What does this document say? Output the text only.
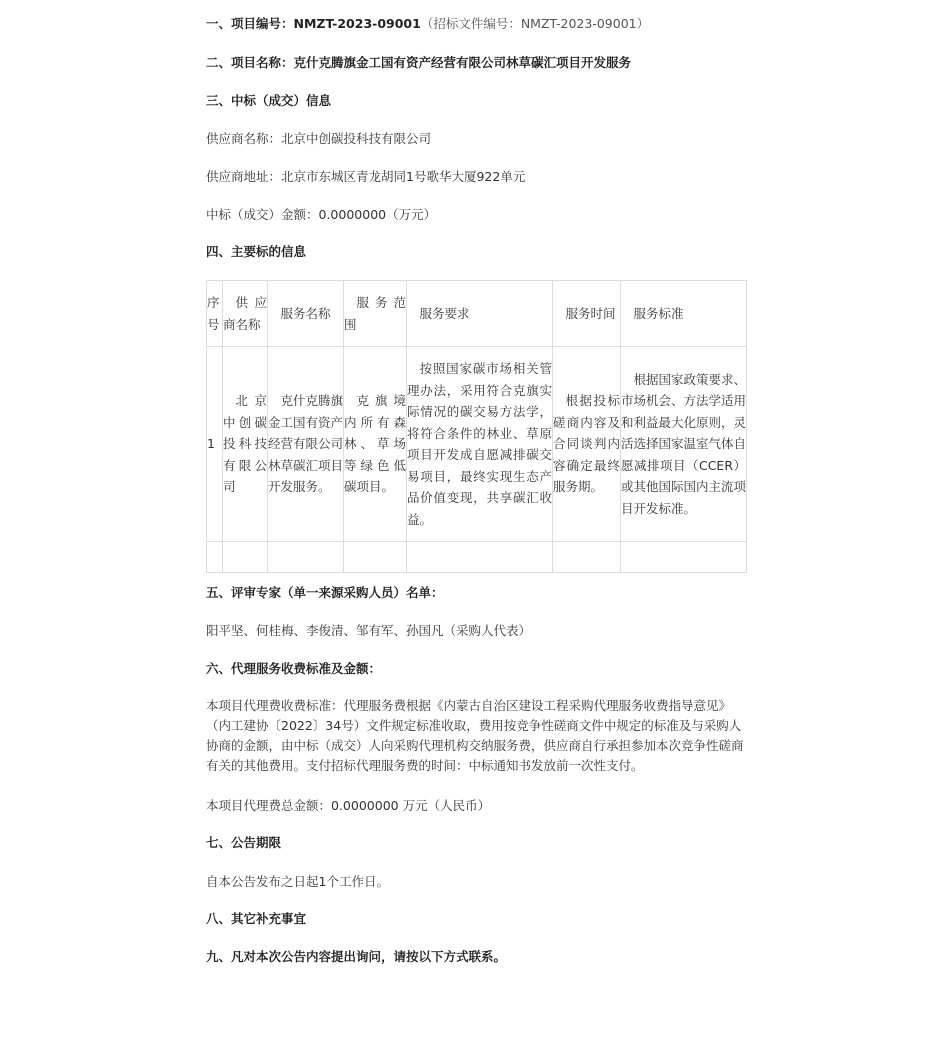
一、项目编号：NMZT-2023-09001（招标文件编号：NMZT-2023-09001）
二、项目名称：克什克腾旗金工国有资产经营有限公司林草碳汇项目开发服务
三、中标（成交）信息
供应商名称：北京中创碳投科技有限公司
供应商地址：北京市东城区青龙胡同1号歌华大厦922单元
中标（成交）金额：0.0000000（万元）
四、主要标的信息
序号	供应商名称	服务名称	服务范围	服务要求	服务时间	服务标准
1	北京中创碳投科技有限公司	克什克腾旗金工国有资产经营有限公司林草碳汇项目开发服务。	克旗境内所有森林、草场等绿色低碳项目。	按照国家碳市场相关管理办法，采用符合克旗实际情况的碳交易方法学，将符合条件的林业、草原项目开发成自愿减排碳交易项目，最终实现生态产品价值变现，共享碳汇收益。	根据投标磋商内容及合同谈判内容确定最终服务期。	根据国家政策要求、市场机会、方法学适用和利益最大化原则，灵活选择国家温室气体自愿减排项目（CCER）或其他国际国内主流项目开发标准。

五、评审专家（单一来源采购人员）名单：
阳平坚、何桂梅、李俊清、邹有军、孙国凡（采购人代表）
六、代理服务收费标准及金额：
本项目代理费收费标准：代理服务费根据《内蒙古自治区建设工程采购代理服务收费指导意见》（内工建协〔2022〕34号）文件规定标准收取，费用按竞争性磋商文件中规定的标准及与采购人协商的金额，由中标（成交）人向采购代理机构交纳服务费，供应商自行承担参加本次竞争性磋商有关的其他费用。支付招标代理服务费的时间：中标通知书发放前一次性支付。
本项目代理费总金额：0.0000000 万元（人民币）
七、公告期限
自本公告发布之日起1个工作日。
八、其它补充事宜
九、凡对本次公告内容提出询问，请按以下方式联系。
